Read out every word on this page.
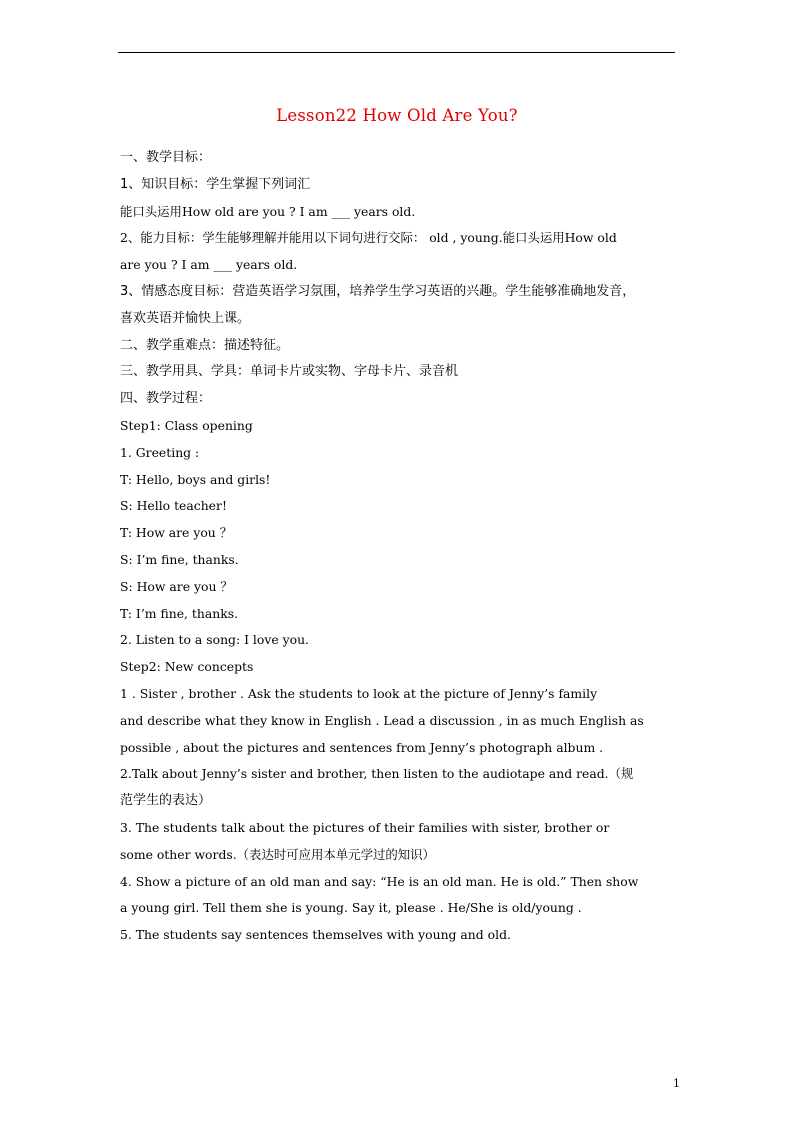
Lesson22 How Old Are You?
一、教学目标：
1、知识目标：学生掌握下列词汇
能口头运用How old are you ? I am ___ years old.
2、能力目标：学生能够理解并能用以下词句进行交际： old , young.能口头运用How old
are you ? I am ___ years old.
3、情感态度目标：营造英语学习氛围，培养学生学习英语的兴趣。学生能够准确地发音，
喜欢英语并愉快上课。
二、教学重难点：描述特征。
三、教学用具、学具：单词卡片或实物、字母卡片、录音机
四、教学过程：
Step1: Class opening
1. Greeting :
T: Hello, boys and girls!
S: Hello teacher!
T: How are you ？
S: I’m fine, thanks.
S: How are you ？
T: I’m fine, thanks.
2. Listen to a song: I love you.
Step2: New concepts
1 . Sister , brother . Ask the students to look at the picture of Jenny’s family
and describe what they know in English . Lead a discussion , in as much English as
possible , about the pictures and sentences from Jenny’s photograph album .
2.Talk about Jenny’s sister and brother, then listen to the audiotape and read.（规
范学生的表达）
3. The students talk about the pictures of their families with sister, brother or
some other words.（表达时可应用本单元学过的知识）
4. Show a picture of an old man and say: “He is an old man. He is old.” Then show
a young girl. Tell them she is young. Say it, please . He/She is old/young .
5. The students say sentences themselves with young and old.
1
